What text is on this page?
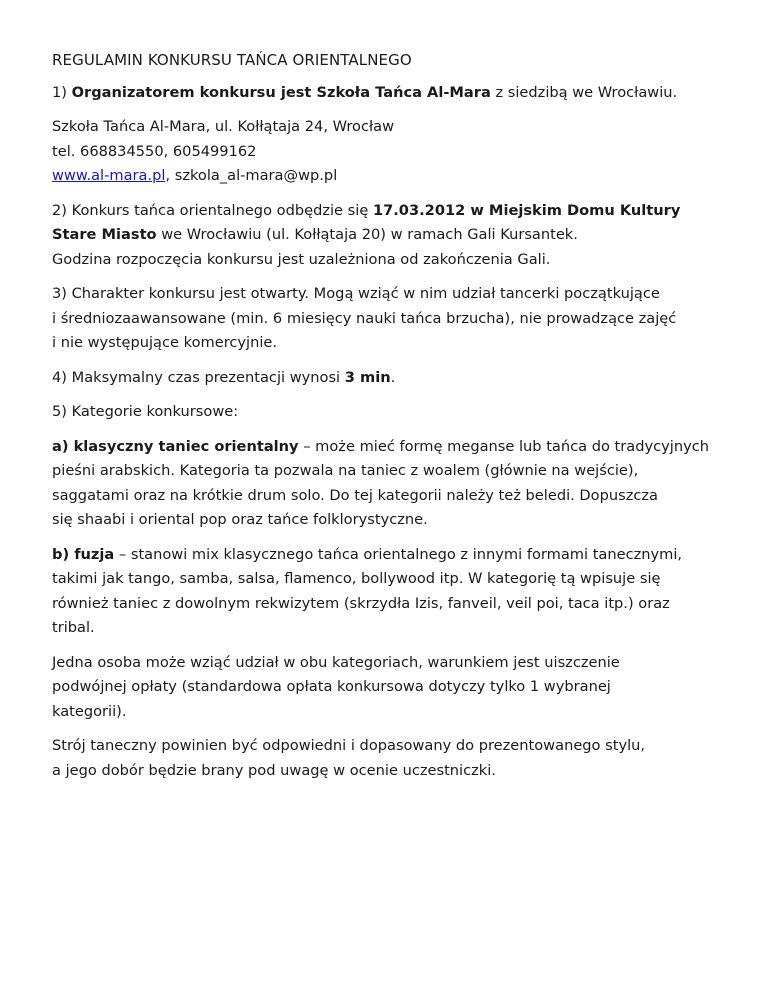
REGULAMIN KONKURSU TAŃCA ORIENTALNEGO

1) Organizatorem konkursu jest Szkoła Tańca Al-Mara z siedzibą we Wrocławiu.

Szkoła Tańca Al-Mara, ul. Kołłątaja 24, Wrocław
tel. 668834550, 605499162
www.al-mara.pl, szkola_al-mara@wp.pl
2) Konkurs tańca orientalnego odbędzie się 17.03.2012 w Miejskim Domu Kultury
Stare Miasto we Wrocławiu (ul. Kołłątaja 20) w ramach Gali Kursantek.
Godzina rozpoczęcia konkursu jest uzależniona od zakończenia Gali.
3) Charakter konkursu jest otwarty. Mogą wziąć w nim udział tancerki początkujące
i średniozaawansowane (min. 6 miesięcy nauki tańca brzucha), nie prowadzące zajęć
i nie występujące komercyjnie.

4) Maksymalny czas prezentacji wynosi 3 min.

5) Kategorie konkursowe:

a) klasyczny taniec orientalny – może mieć formę meganse lub tańca do tradycyjnych
pieśni arabskich. Kategoria ta pozwala na taniec z woalem (głównie na wejście),
saggatami oraz na krótkie drum solo. Do tej kategorii należy też beledi. Dopuszcza
się shaabi i oriental pop oraz tańce folklorystyczne.
b) fuzja – stanowi mix klasycznego tańca orientalnego z innymi formami tanecznymi,
takimi jak tango, samba, salsa, flamenco, bollywood itp. W kategorię tą wpisuje się
również taniec z dowolnym rekwizytem (skrzydła Izis, fanveil, veil poi, taca itp.) oraz
tribal.
Jedna osoba może wziąć udział w obu kategoriach, warunkiem jest uiszczenie
podwójnej opłaty (standardowa opłata konkursowa dotyczy tylko 1 wybranej
kategorii).
Strój taneczny powinien być odpowiedni i dopasowany do prezentowanego stylu,
a jego dobór będzie brany pod uwagę w ocenie uczestniczki.
